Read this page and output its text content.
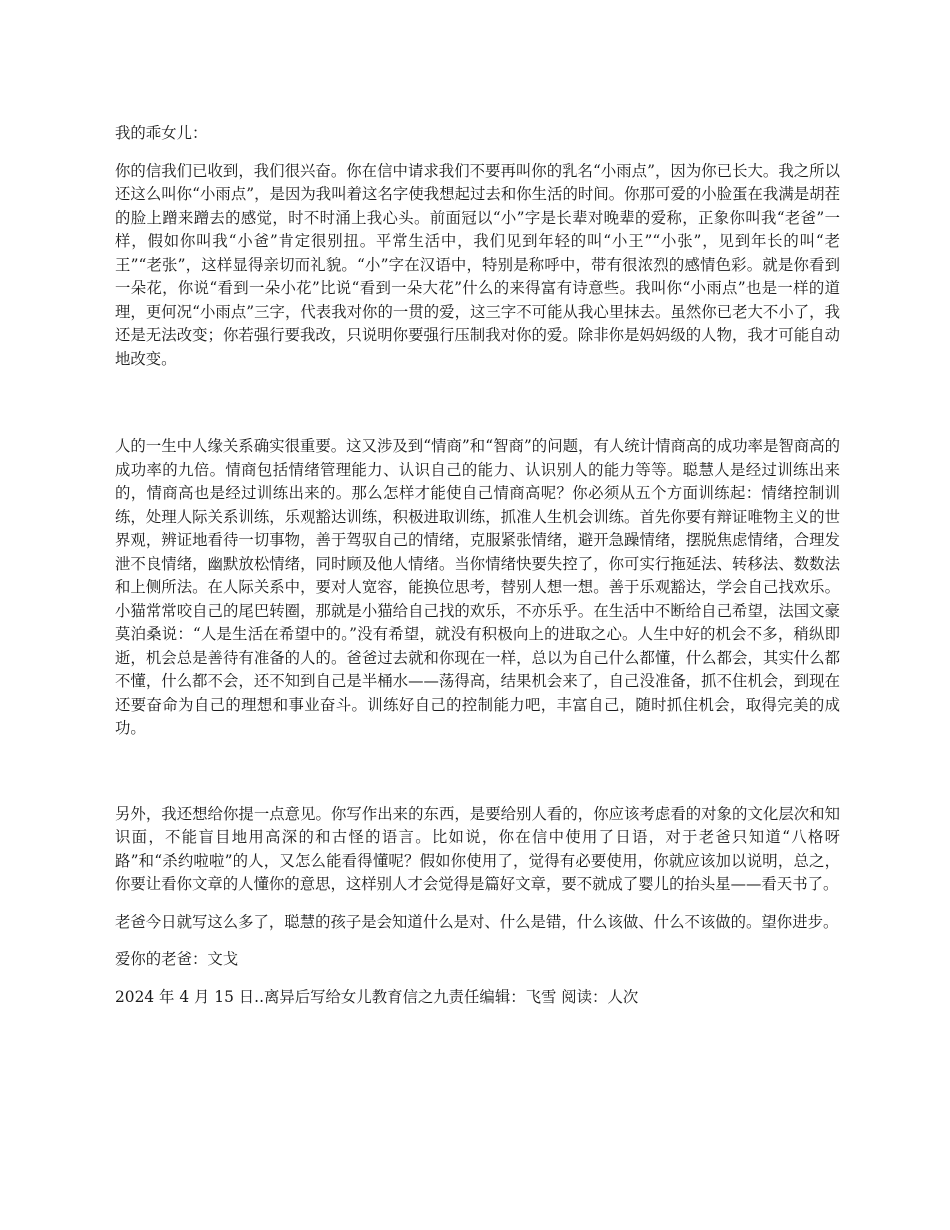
我的乖女儿：

你的信我们已收到，我们很兴奋。你在信中请求我们不要再叫你的乳名“小雨点”，因为你已长大。我之所以还这么叫你“小雨点”，是因为我叫着这名字使我想起过去和你生活的时间。你那可爱的小脸蛋在我满是胡茬的脸上蹭来蹭去的感觉，时不时涌上我心头。前面冠以“小”字是长辈对晚辈的爱称，正象你叫我“老爸”一样，假如你叫我“小爸”肯定很别扭。平常生活中，我们见到年轻的叫“小王”“小张”，见到年长的叫“老王”“老张”，这样显得亲切而礼貌。“小”字在汉语中，特别是称呼中，带有很浓烈的感情色彩。就是你看到一朵花，你说“看到一朵小花”比说“看到一朵大花”什么的来得富有诗意些。我叫你“小雨点”也是一样的道理，更何况“小雨点”三字，代表我对你的一贯的爱，这三字不可能从我心里抹去。虽然你已老大不小了，我还是无法改变；你若强行要我改，只说明你要强行压制我对你的爱。除非你是妈妈级的人物，我才可能自动地改变。

人的一生中人缘关系确实很重要。这又涉及到“情商”和“智商”的问题，有人统计情商高的成功率是智商高的成功率的九倍。情商包括情绪管理能力、认识自己的能力、认识别人的能力等等。聪慧人是经过训练出来的，情商高也是经过训练出来的。那么怎样才能使自己情商高呢？你必须从五个方面训练起：情绪控制训练，处理人际关系训练，乐观豁达训练，积极进取训练，抓准人生机会训练。首先你要有辩证唯物主义的世界观，辨证地看待一切事物，善于驾驭自己的情绪，克服紧张情绪，避开急躁情绪，摆脱焦虑情绪，合理发泄不良情绪，幽默放松情绪，同时顾及他人情绪。当你情绪快要失控了，你可实行拖延法、转移法、数数法和上侧所法。在人际关系中，要对人宽容，能换位思考，替别人想一想。善于乐观豁达，学会自己找欢乐。小猫常常咬自己的尾巴转圈，那就是小猫给自己找的欢乐，不亦乐乎。在生活中不断给自己希望，法国文豪莫泊桑说：“人是生活在希望中的。”没有希望，就没有积极向上的进取之心。人生中好的机会不多，稍纵即逝，机会总是善待有准备的人的。爸爸过去就和你现在一样，总以为自己什么都懂，什么都会，其实什么都不懂，什么都不会，还不知到自己是半桶水——荡得高，结果机会来了，自己没准备，抓不住机会，到现在还要奋命为自己的理想和事业奋斗。训练好自己的控制能力吧，丰富自己，随时抓住机会，取得完美的成功。

另外，我还想给你提一点意见。你写作出来的东西，是要给别人看的，你应该考虑看的对象的文化层次和知识面，不能盲目地用高深的和古怪的语言。比如说，你在信中使用了日语，对于老爸只知道“八格呀路”和“杀约啦啦”的人，又怎么能看得懂呢？假如你使用了，觉得有必要使用，你就应该加以说明，总之，你要让看你文章的人懂你的意思，这样别人才会觉得是篇好文章，要不就成了婴儿的抬头星——看天书了。

老爸今日就写这么多了，聪慧的孩子是会知道什么是对、什么是错，什么该做、什么不该做的。望你进步。

爱你的老爸：文戈

2024 年 4 月 15 日..离异后写给女儿教育信之九责任编辑：飞雪 阅读：人次
